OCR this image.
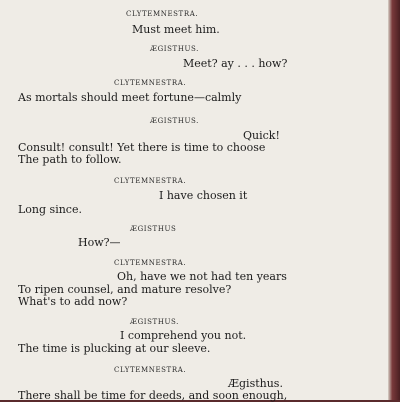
CLYTEMNESTRA.
Must meet him.
ÆGISTHUS.
Meet? ay . . . how?
CLYTEMNESTRA.
As mortals should meet fortune—calmly
ÆGISTHUS.
Quick!
Consult! consult! Yet there is time to choose
The path to follow.
CLYTEMNESTRA.
I have chosen it
Long since.
ÆGISTHUS
How?—
CLYTEMNESTRA.
Oh, have we not had ten years
To ripen counsel, and mature resolve?
What's to add now?
ÆGISTHUS.
I comprehend you not.
The time is plucking at our sleeve.
CLYTEMNESTRA.
Ægisthus.
There shall be time for deeds, and soon enough,
